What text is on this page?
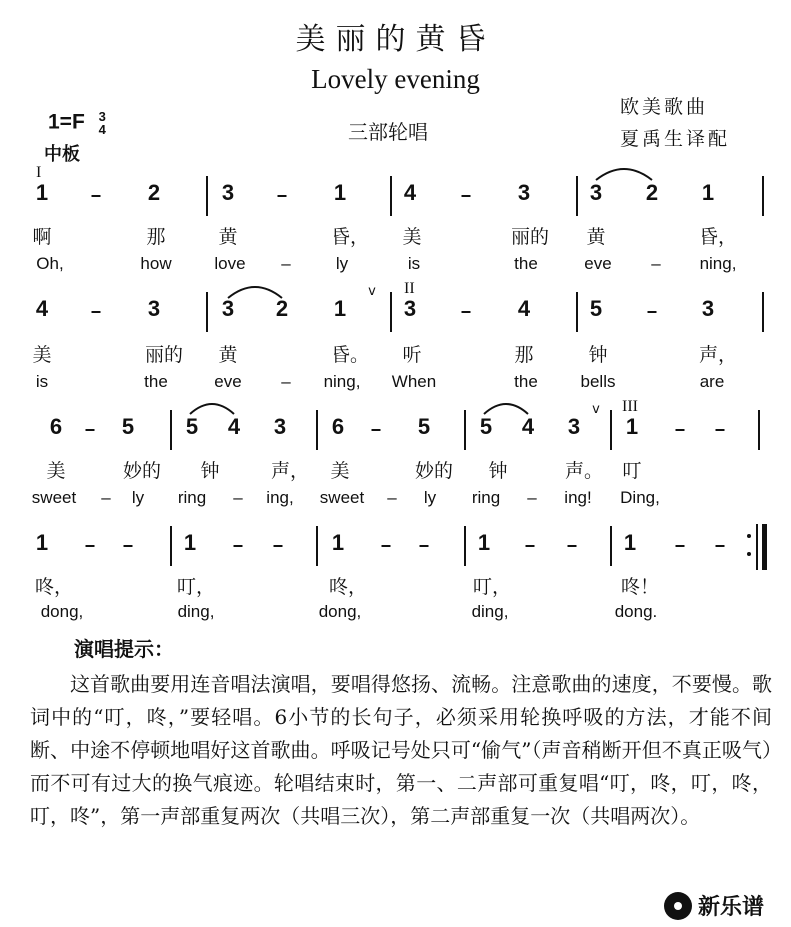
美丽的黄昏
Lovely evening
1=F 3
4
中板
三部轮唱
欧美歌曲
夏禹生译配
I
II
III
1	2	3	1	4	3	3 2 1
啊	那	黄	昏， 美	丽的 黄	昏，
Oh,	how	love –	ly	is	the	eve – ning,
4	3	3 2 1	3	4	5	3
美	丽的 黄	昏。 听	那	钟	声，
is	the	eve – ning, When	the	bells	are
6	5 5 4 3 6	5 5 4 3 1
美	妙的 钟	声， 美	妙的 钟	声。 叮
sweet – ly ring – ing, sweet – ly ring – ing! Ding,
1	1	1	1	1
咚，	叮，	咚，	叮，	咚！
dong,	ding,	dong,	ding,	dong.
v
v
演唱提示：
这首歌曲要用连音唱法演唱，要唱得悠扬、流畅。注意歌曲的速度，不要慢。歌词中的“叮，咚，”要轻唱。6小节的长句子，必须采用轮换呼吸的方法，才能不间断、中途不停顿地唱好这首歌曲。呼吸记号处只可“偷气”（声音稍断开但不真正吸气）而不可有过大的换气痕迹。轮唱结束时，第一、二声部可重复唱“叮，咚，叮，咚，叮，咚”，第一声部重复两次（共唱三次），第二声部重复一次（共唱两次）。
新乐谱
